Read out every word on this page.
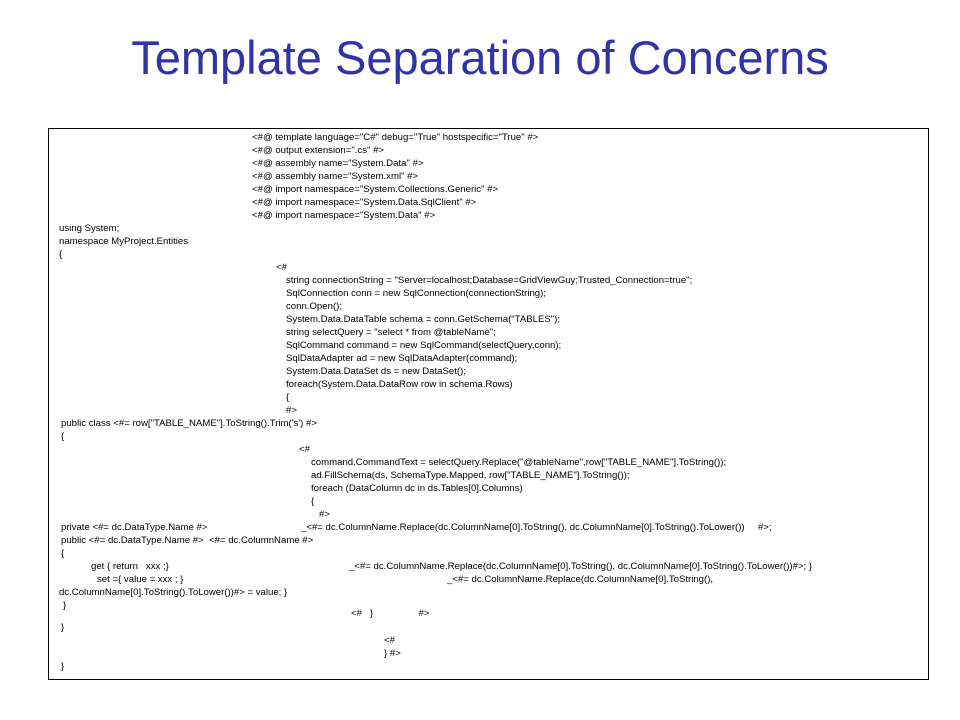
Template Separation of Concerns
<#@ template language="C#" debug="True" hostspecific="True" #>
<#@ output extension=".cs" #>
<#@ assembly name="System.Data" #>
<#@ assembly name="System.xml" #>
<#@ import namespace="System.Collections.Generic" #>
<#@ import namespace="System.Data.SqlClient" #>
<#@ import namespace="System.Data" #>
using System;
namespace MyProject.Entities
{
<#
string connectionString = "Server=localhost;Database=GridViewGuy;Trusted_Connection=true";
SqlConnection conn = new SqlConnection(connectionString);
conn.Open();
System.Data.DataTable schema = conn.GetSchema("TABLES");
string selectQuery = "select * from @tableName";
SqlCommand command = new SqlCommand(selectQuery,conn);
SqlDataAdapter ad = new SqlDataAdapter(command);
System.Data.DataSet ds = new DataSet();
foreach(System.Data.DataRow row in schema.Rows)
{
#>
public class <#= row["TABLE_NAME"].ToString().Trim('s') #>
{
<#
command.CommandText = selectQuery.Replace("@tableName",row["TABLE_NAME"].ToString());
ad.FillSchema(ds, SchemaType.Mapped, row["TABLE_NAME"].ToString());
foreach (DataColumn dc in ds.Tables[0].Columns)
{
#>
private <#= dc.DataType.Name #>	_<#= dc.ColumnName.Replace(dc.ColumnName[0].ToString(), dc.ColumnName[0].ToString().ToLower())     #>;
public <#= dc.DataType.Name #>  <#= dc.ColumnName #>
{
get { return   xxx ;}	_<#= dc.ColumnName.Replace(dc.ColumnName[0].ToString(), dc.ColumnName[0].ToString().ToLower())#>; }
set ={ value = xxx ; }	_<#= dc.ColumnName.Replace(dc.ColumnName[0].ToString(),
dc.ColumnName[0].ToString().ToLower())#> = value; }
}
<#   }                 #>
}
<#
} #>
}
